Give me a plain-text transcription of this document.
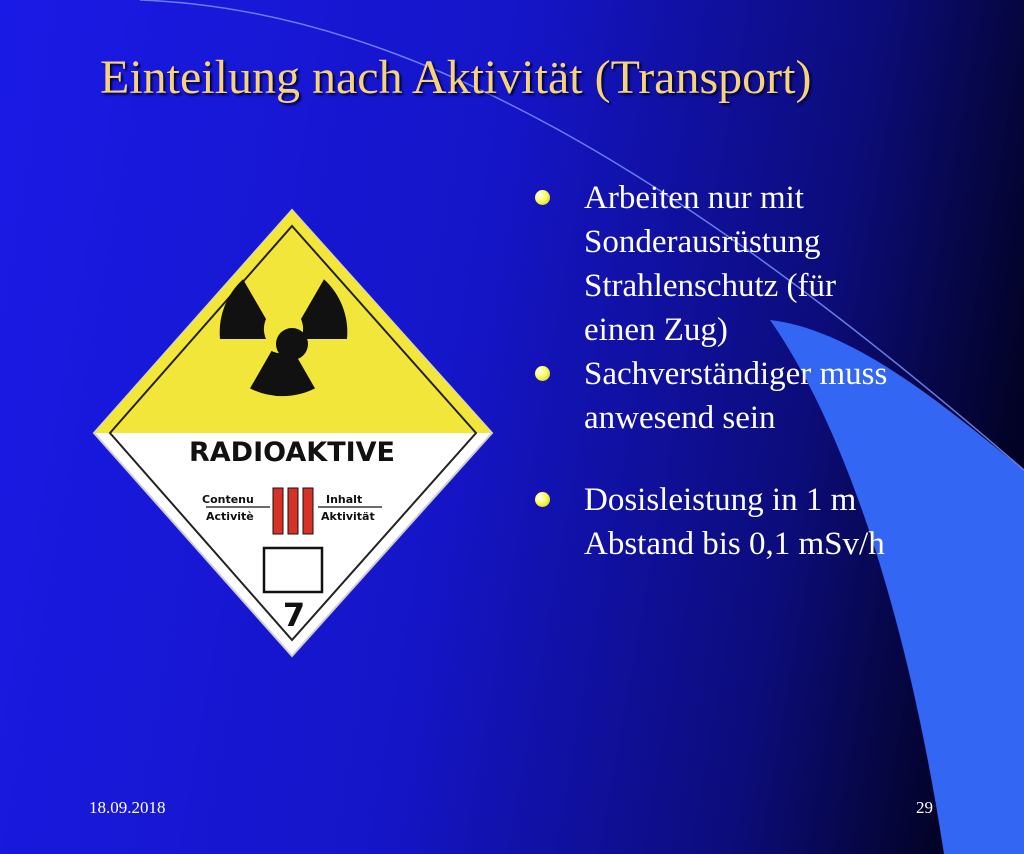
Einteilung nach Aktivität (Transport)
RADIOAKTIVE
Contenu
Activitè
Inhalt
Aktivität
7
Arbeiten nur mit Sonderausrüstung Strahlenschutz (für einen Zug)
Sachverständiger muss anwesend sein
Dosisleistung in 1 m Abstand bis 0,1 mSv/h
18.09.2018	29
